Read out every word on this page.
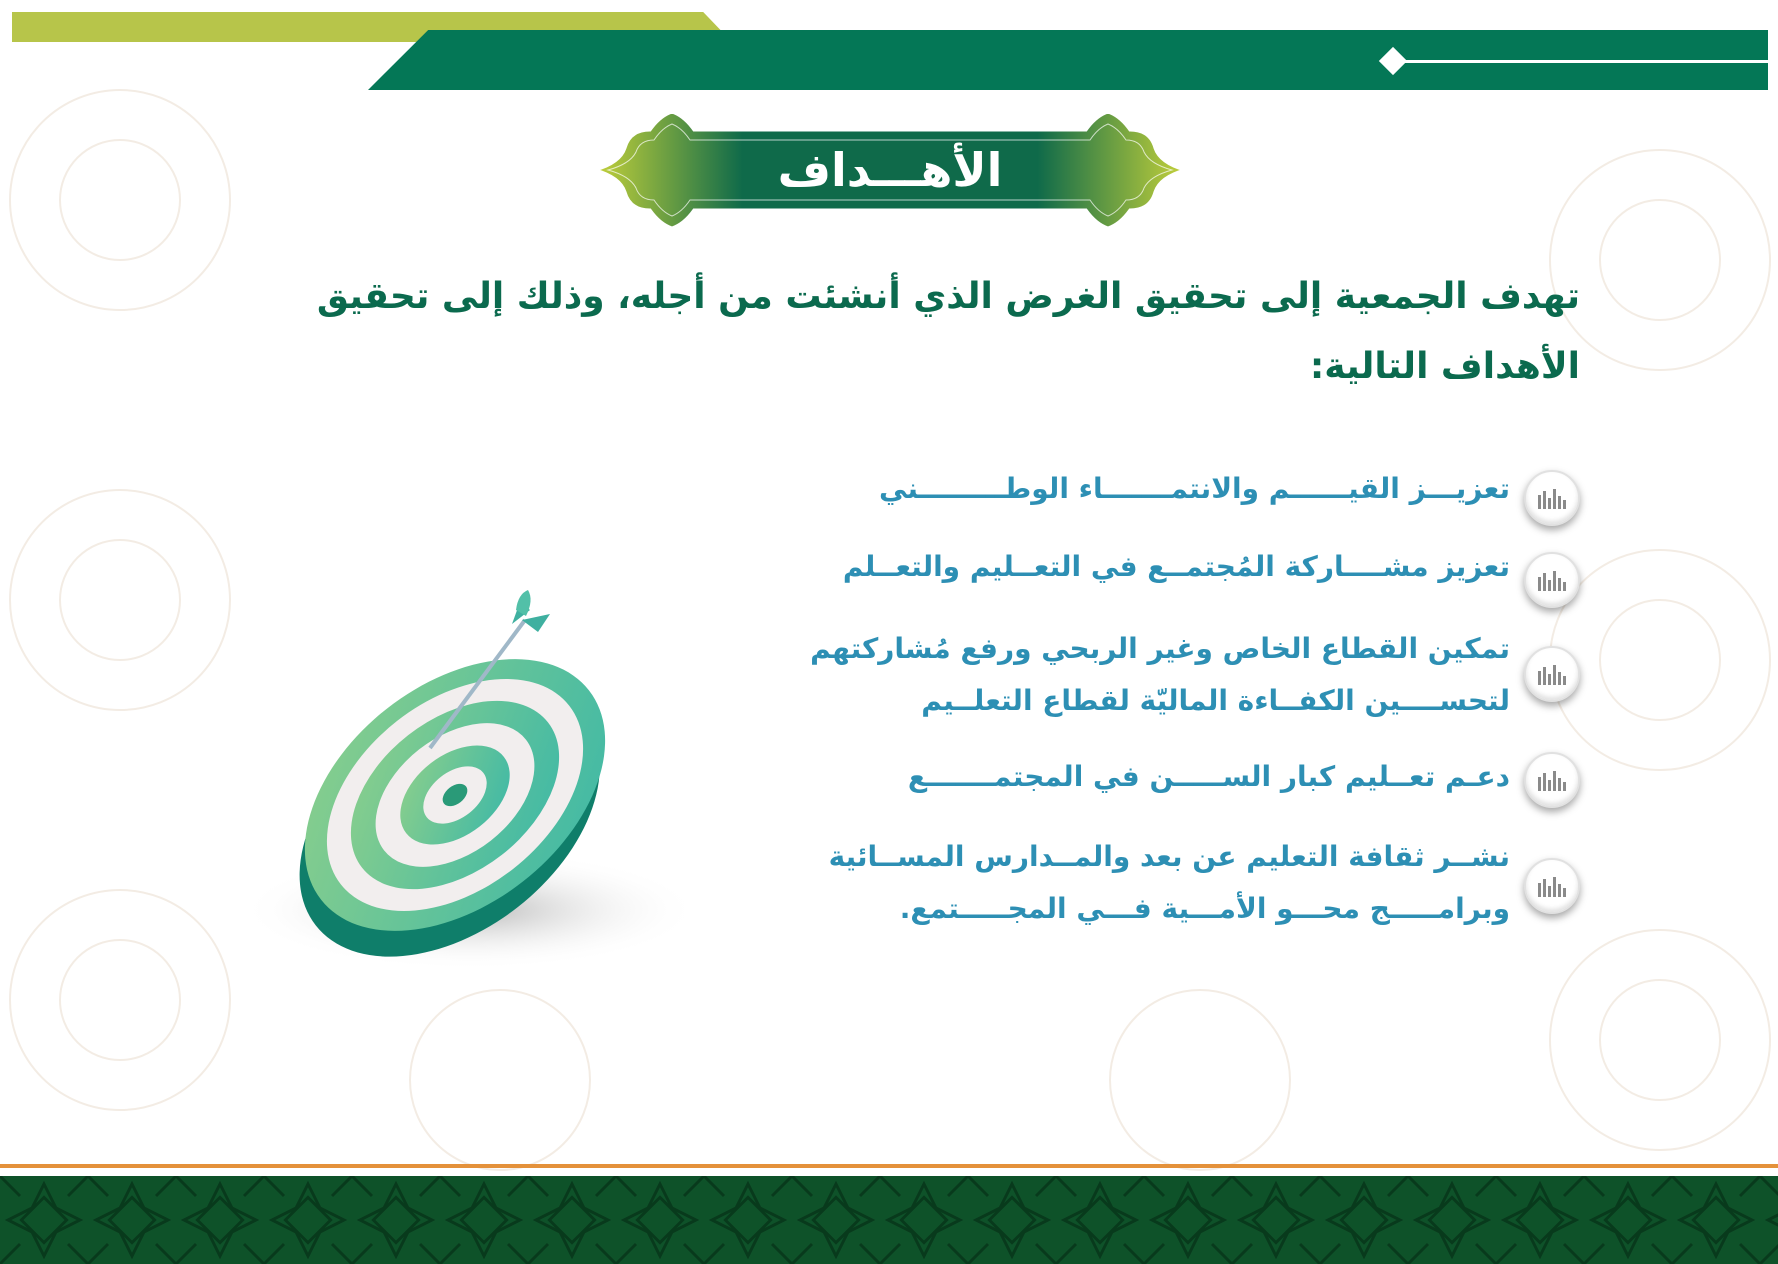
الأهـــداف
تهدف الجمعية إلى تحقيق الغرض الذي أنشئت من أجله، وذلك إلى تحقيق الأهداف التالية:
تعزيـــز القيــــــم والانتمـــــــاء الوطـــــــــني
تعزيز مشــــاركة المُجتمــع في التعــليم والتعــلم
تمكين القطاع الخاص وغير الربحي ورفع مُشاركتهم
لتحســــين الكفــاءة الماليّة لقطاع التعلــيم
دعـم تعــليم كبار الســـــن في المجتمـــــــع
نشــر ثقافة التعليم عن بعد والمــدارس المســائية
وبرامـــــج محـــو الأمـــية فـــي المجـــــتمع.
